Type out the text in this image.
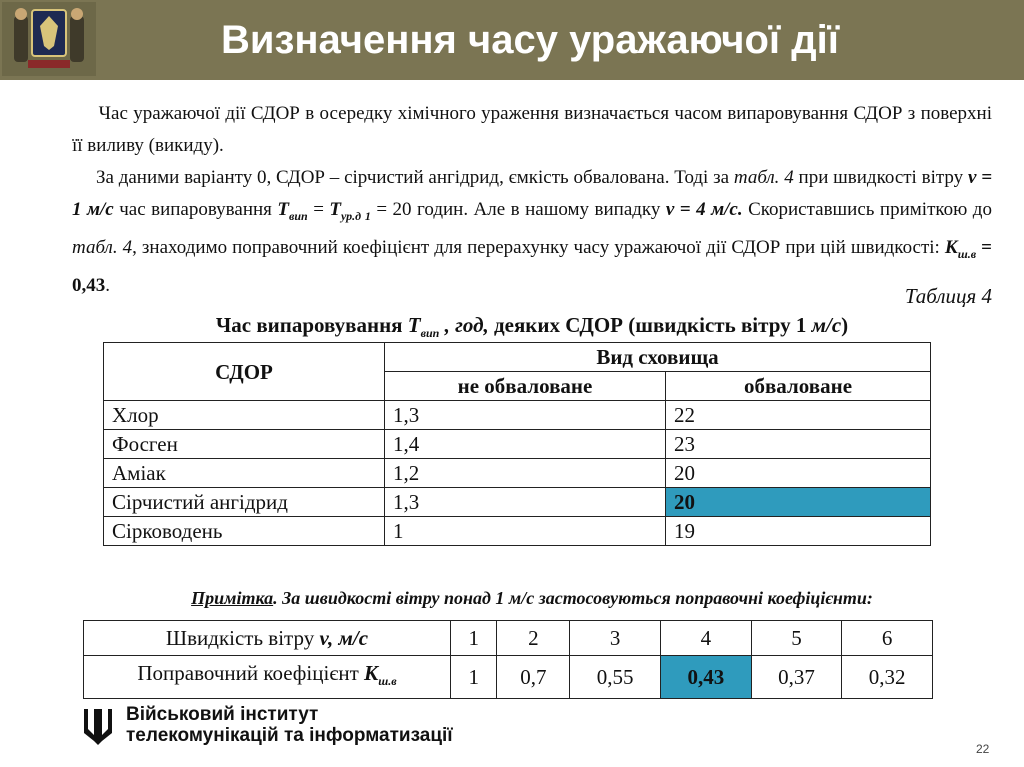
Визначення часу уражаючої дії

Час уражаючої дії СДОР в осередку хімічного ураження визначається часом випаровування СДОР з поверхні її виливу (викиду).

За даними варіанту 0, СДОР – сірчистий ангідрид, ємкість обвалована. Тоді за табл. 4 при швидкості вітру v = 1 м/с час випаровування $Т_{вип} = Т_{ур.д 1} = 20$ годин. Але в нашому випадку v = 4 м/с. Скориставшись приміткою до табл. 4, знаходимо поправочний коефіцієнт для перерахунку часу уражаючої дії СДОР при цій швидкості: $К_{ш.в} = 0,43$.	Таблиця 4
Час випаровування $Т_{вип}$ , год, деяких СДОР (швидкість вітру 1 м/с)
СДОР	Вид сховища	
	не обваловане	обваловане
Хлор	1,3	22
Фосген	1,4	23
Аміак	1,2	20
Сірчистий ангідрид	1,3	20
Сірководень	1	19
Примітка. За швидкості вітру понад 1 м/с застосовуються поправочні коефіцієнти:
Швидкість вітру v, м/с	1	2	3	4	5	6
Поправочний коефіцієнт $К_{ш.в}$	1	0,7	0,55	0,43	0,37	0,32
Військовий інститут
телекомунікацій та інформатизації
22
